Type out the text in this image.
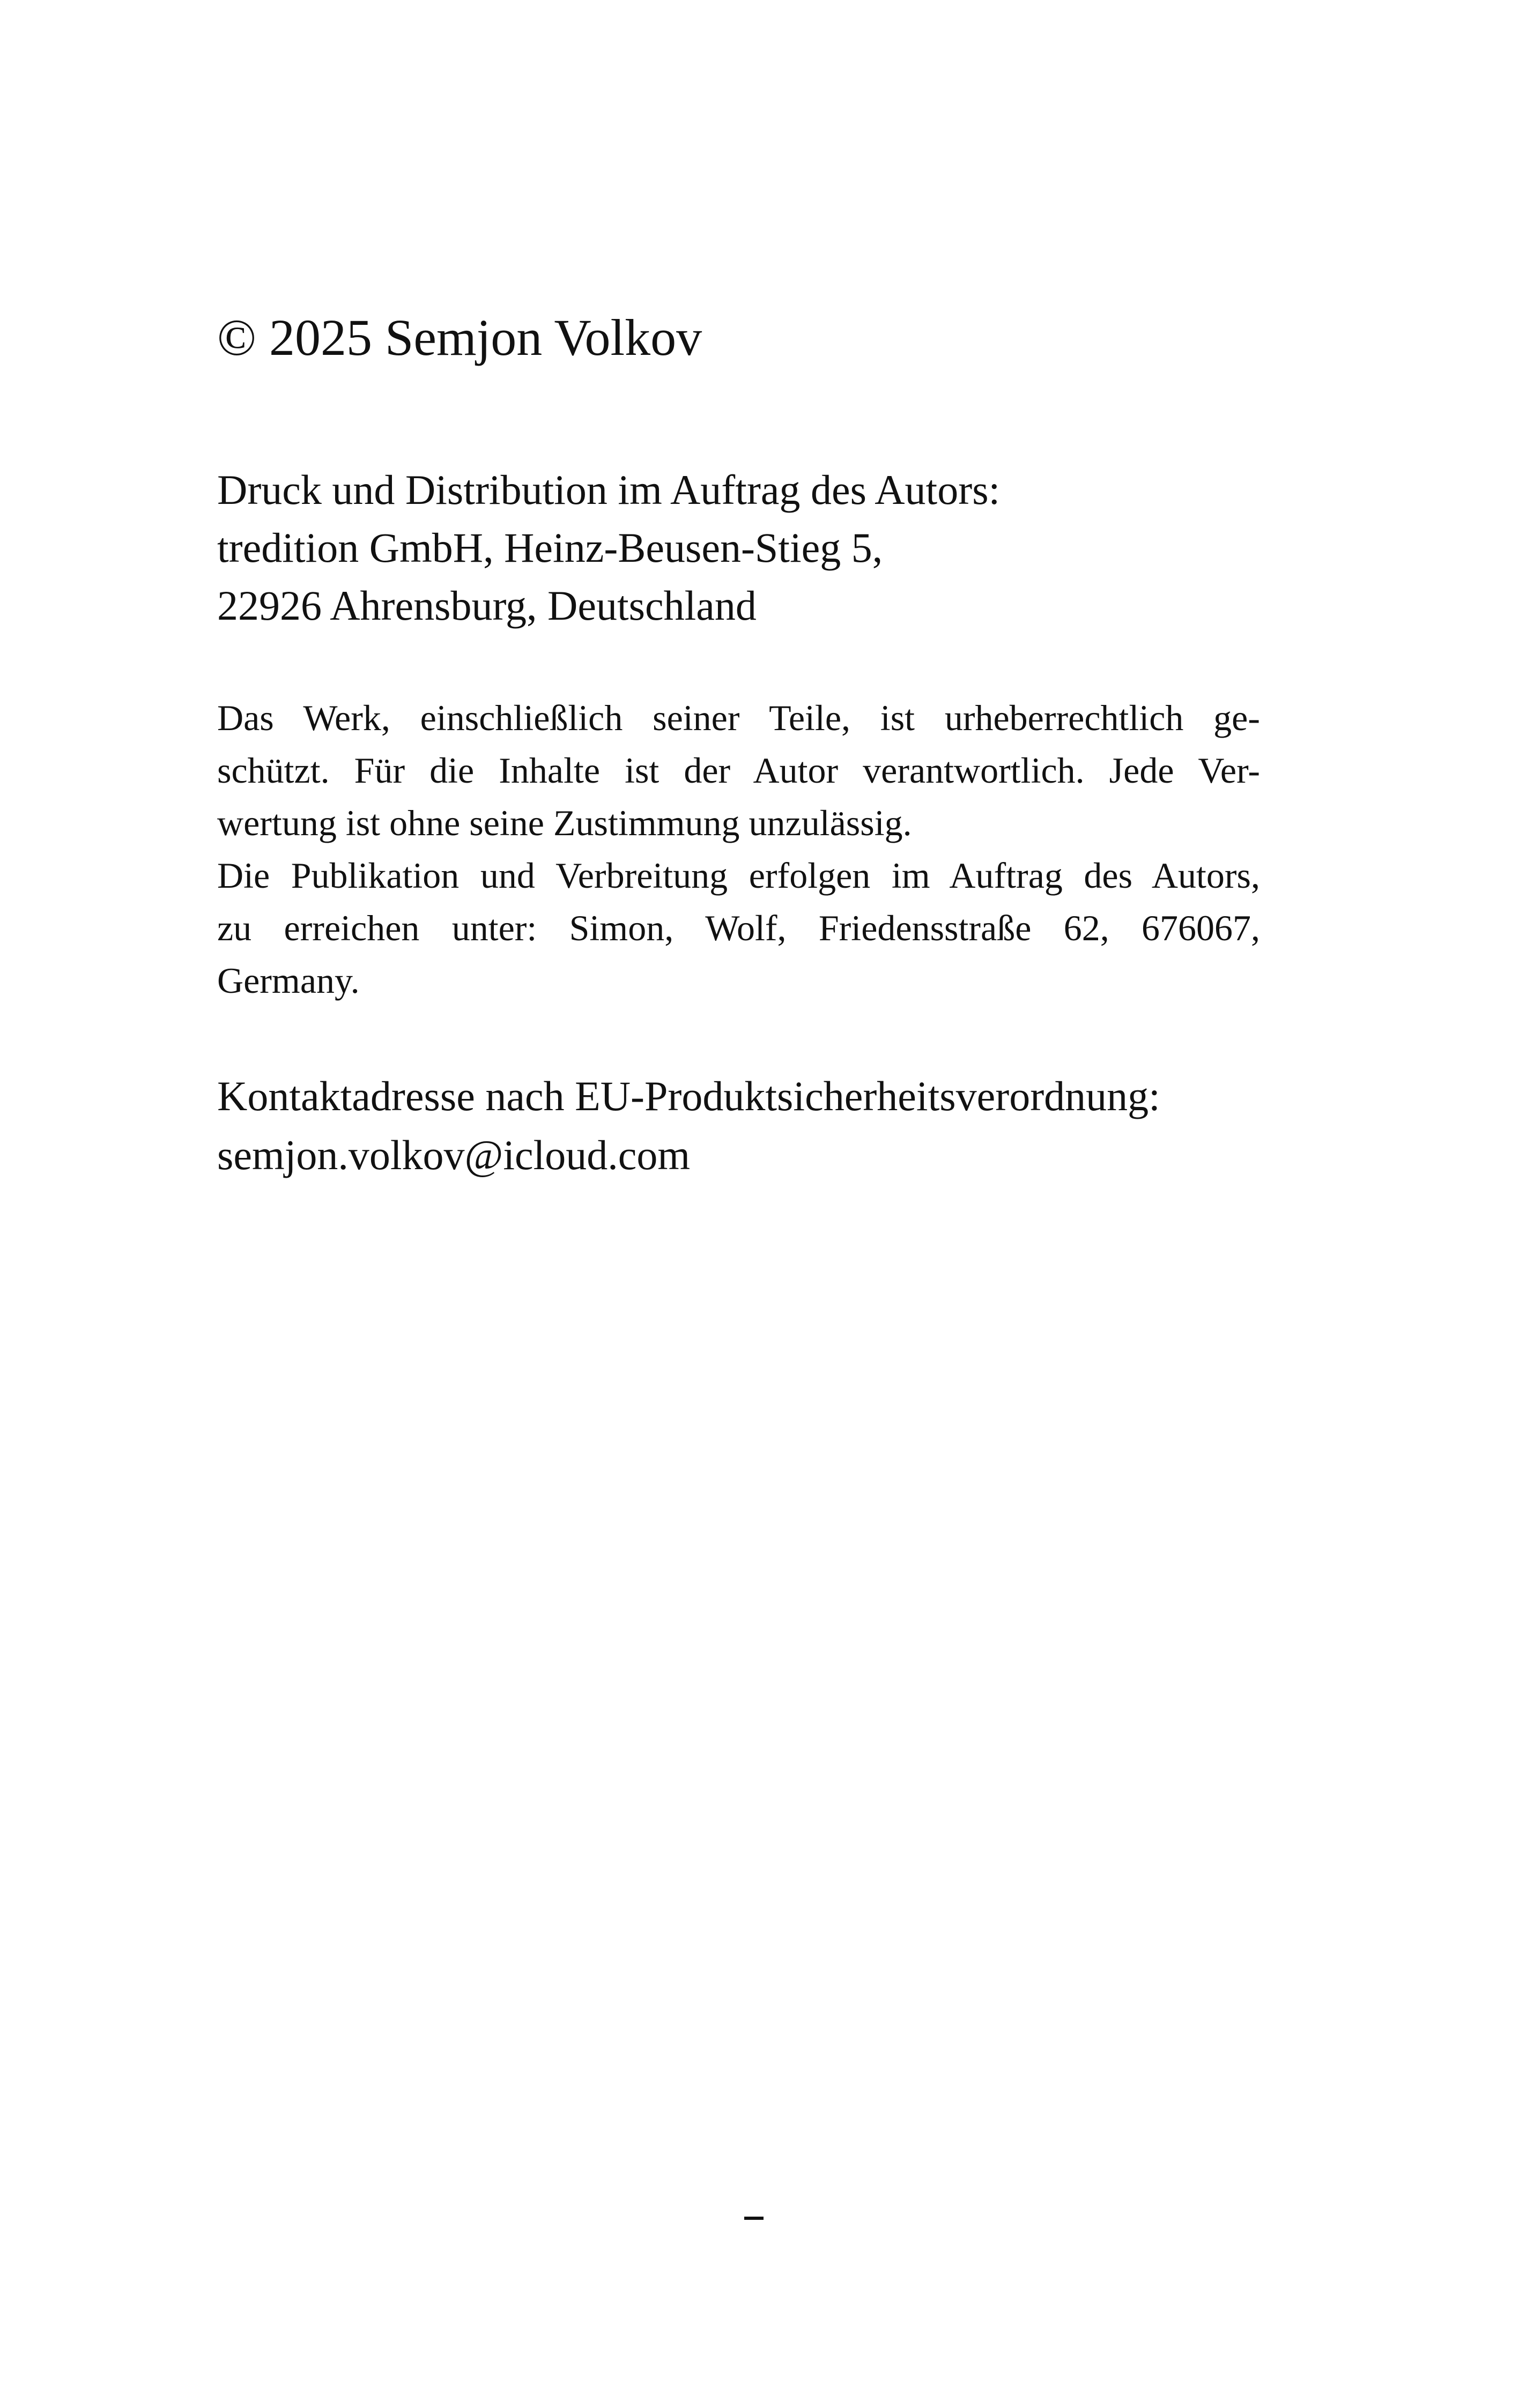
© 2025 Semjon Volkov
Druck und Distribution im Auftrag des Autors:
tredition GmbH, Heinz-Beusen-Stieg 5,
22926 Ahrensburg, Deutschland
Das Werk, einschließlich seiner Teile, ist urheberrechtlich ge-
schützt. Für die Inhalte ist der Autor verantwortlich. Jede Ver-
wertung ist ohne seine Zustimmung unzulässig.
Die Publikation und Verbreitung erfolgen im Auftrag des Autors,
zu erreichen unter: Simon, Wolf, Friedensstraße 62, 676067,
Germany.
Kontaktadresse nach EU-Produktsicherheitsverordnung:
semjon.volkov@icloud.com
